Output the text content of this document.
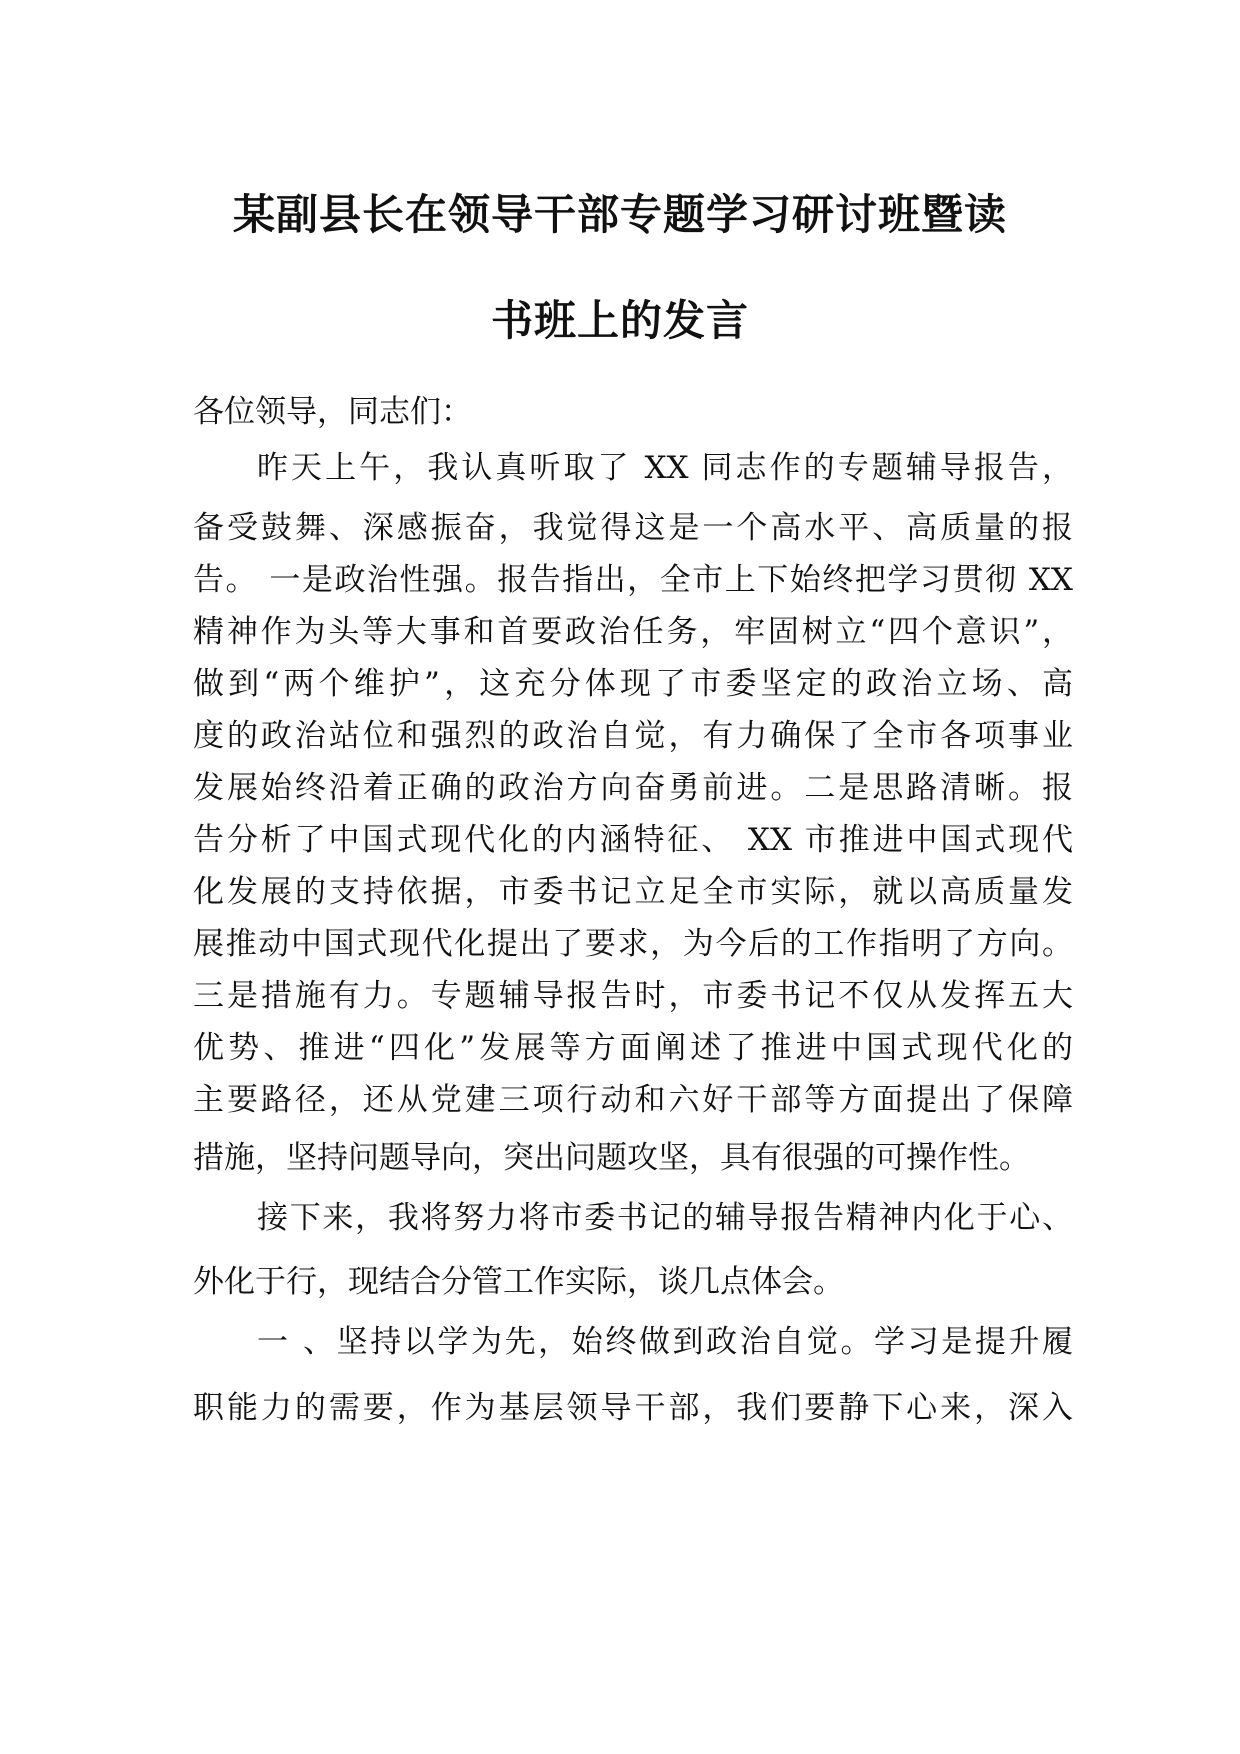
某副县长在领导干部专题学习研讨班暨读
书班上的发言
各位领导，同志们：
昨天上午，我认真听取了 XX 同志作的专题辅导报告，
备受鼓舞、深感振奋，我觉得这是一个高水平、高质量的报
告。 一是政治性强。报告指出，全市上下始终把学习贯彻 XX
精神作为头等大事和首要政治任务，牢固树立“四个意识”，
做到“两个维护”，这充分体现了市委坚定的政治立场、高
度的政治站位和强烈的政治自觉，有力确保了全市各项事业
发展始终沿着正确的政治方向奋勇前进。二是思路清晰。报
告分析了中国式现代化的内涵特征、 XX 市推进中国式现代
化发展的支持依据，市委书记立足全市实际，就以高质量发
展推动中国式现代化提出了要求，为今后的工作指明了方向。
三是措施有力。专题辅导报告时，市委书记不仅从发挥五大
优势、推进“四化”发展等方面阐述了推进中国式现代化的
主要路径，还从党建三项行动和六好干部等方面提出了保障
措施，坚持问题导向，突出问题攻坚，具有很强的可操作性。
接下来，我将努力将市委书记的辅导报告精神内化于心、
外化于行，现结合分管工作实际，谈几点体会。
一 、坚持以学为先，始终做到政治自觉。学习是提升履
职能力的需要，作为基层领导干部，我们要静下心来，深入
